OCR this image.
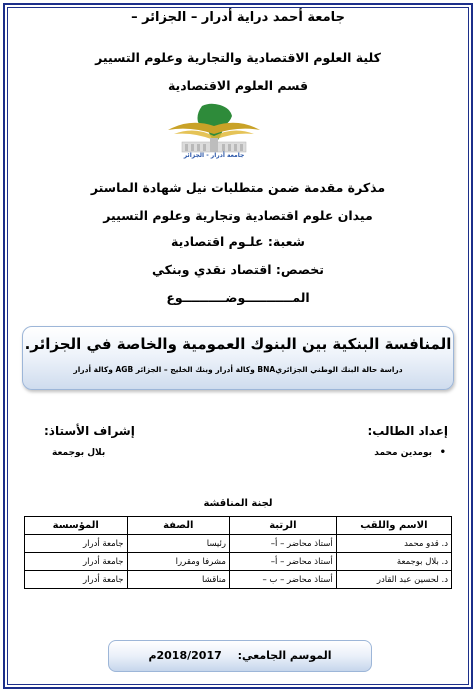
جامعة أحمد دراية أدرار – الجزائر –
كلية العلوم الاقتصادية والتجارية وعلوم التسيير
قسم العلوم الاقتصادية
جامعة أدرار - الجزائر
مذكرة مقدمة ضمن متطلبات نيل شهادة الماستر
ميدان علوم اقتصادية وتجارية وعلوم التسيير
شعبة: علـوم اقتصادية
تخصص: اقتصاد نقدي وبنكي
المـــــــــــوضــــــــــوع
المنافسة البنكية بين البنوك العمومية والخاصة في الجزائر.
دراسة حالة البنك الوطني الجزائريBNA وكالة أدرار وبنك الخليج – الجزائر AGB وكالة أدرار
إعداد الطالب:
•
بومدين محمد
إشراف الأستاذ:
بلال بوجمعة
لجنة المناقشة
الاسم واللقب	الرتبة	الصفة	المؤسسة
د. قدو محمد	أستاذ محاضر – أ–	رئيسا	جامعة أدرار
د. بلال بوجمعة	أستاذ محاضر – أ–	مشرفا ومقررا	جامعة أدرار
د. لحسين عبد القادر	أستاذ محاضر – ب –	مناقشا	جامعة أدرار
الموسم الجامعي: 2018/2017م
